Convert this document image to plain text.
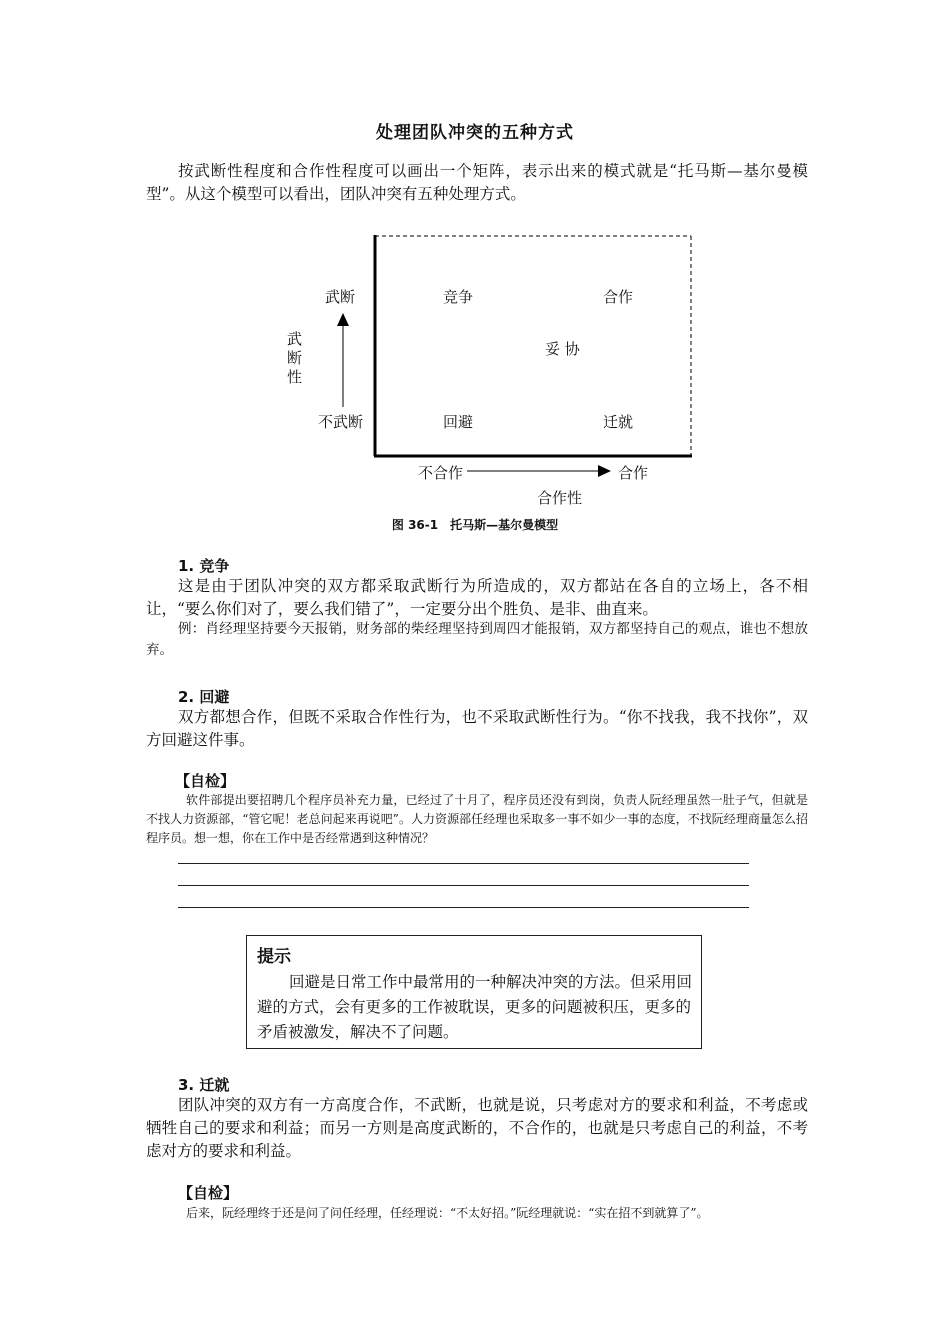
处理团队冲突的五种方式
按武断性程度和合作性程度可以画出一个矩阵，表示出来的模式就是“托马斯—基尔曼模型”。从这个模型可以看出，团队冲突有五种处理方式。
武断
武断性
不武断
竞争	合作
妥 协
回避	迁就
不合作	合作
合作性
图 36-1　托马斯—基尔曼模型
1. 竞争
这是由于团队冲突的双方都采取武断行为所造成的，双方都站在各自的立场上，各不相让，“要么你们对了，要么我们错了”，一定要分出个胜负、是非、曲直来。
例：肖经理坚持要今天报销，财务部的柴经理坚持到周四才能报销，双方都坚持自己的观点，谁也不想放弃。
2. 回避
双方都想合作，但既不采取合作性行为，也不采取武断性行为。“你不找我，我不找你”，双方回避这件事。
【自检】
软件部提出要招聘几个程序员补充力量，已经过了十月了，程序员还没有到岗，负责人阮经理虽然一肚子气，但就是不找人力资源部，“管它呢！老总问起来再说吧”。人力资源部任经理也采取多一事不如少一事的态度，不找阮经理商量怎么招程序员。想一想，你在工作中是否经常遇到这种情况？
提示
回避是日常工作中最常用的一种解决冲突的方法。但采用回避的方式，会有更多的工作被耽误，更多的问题被积压，更多的矛盾被激发，解决不了问题。
3. 迁就
团队冲突的双方有一方高度合作，不武断，也就是说，只考虑对方的要求和利益，不考虑或牺牲自己的要求和利益；而另一方则是高度武断的，不合作的，也就是只考虑自己的利益，不考虑对方的要求和利益。
【自检】
后来，阮经理终于还是问了问任经理，任经理说：“不太好招。”阮经理就说：“实在招不到就算了”。
